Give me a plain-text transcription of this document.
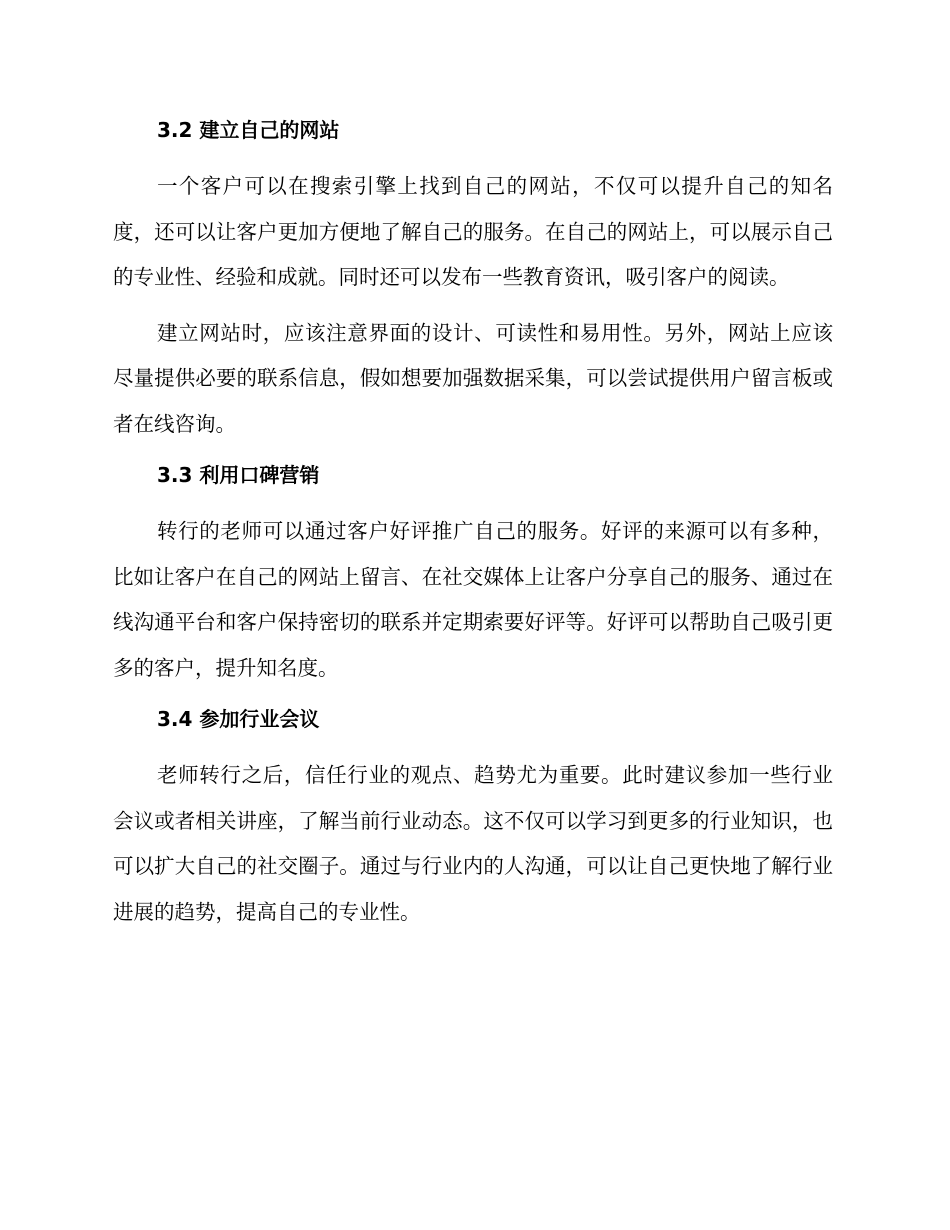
3.2 建立自己的网站

一个客户可以在搜索引擎上找到自己的网站，不仅可以提升自己的知名度，还可以让客户更加方便地了解自己的服务。在自己的网站上，可以展示自己的专业性、经验和成就。同时还可以发布一些教育资讯，吸引客户的阅读。

建立网站时，应该注意界面的设计、可读性和易用性。另外，网站上应该尽量提供必要的联系信息，假如想要加强数据采集，可以尝试提供用户留言板或者在线咨询。

3.3 利用口碑营销

转行的老师可以通过客户好评推广自己的服务。好评的来源可以有多种，比如让客户在自己的网站上留言、在社交媒体上让客户分享自己的服务、通过在线沟通平台和客户保持密切的联系并定期索要好评等。好评可以帮助自己吸引更多的客户，提升知名度。

3.4 参加行业会议

老师转行之后，信任行业的观点、趋势尤为重要。此时建议参加一些行业会议或者相关讲座，了解当前行业动态。这不仅可以学习到更多的行业知识，也可以扩大自己的社交圈子。通过与行业内的人沟通，可以让自己更快地了解行业进展的趋势，提高自己的专业性。
